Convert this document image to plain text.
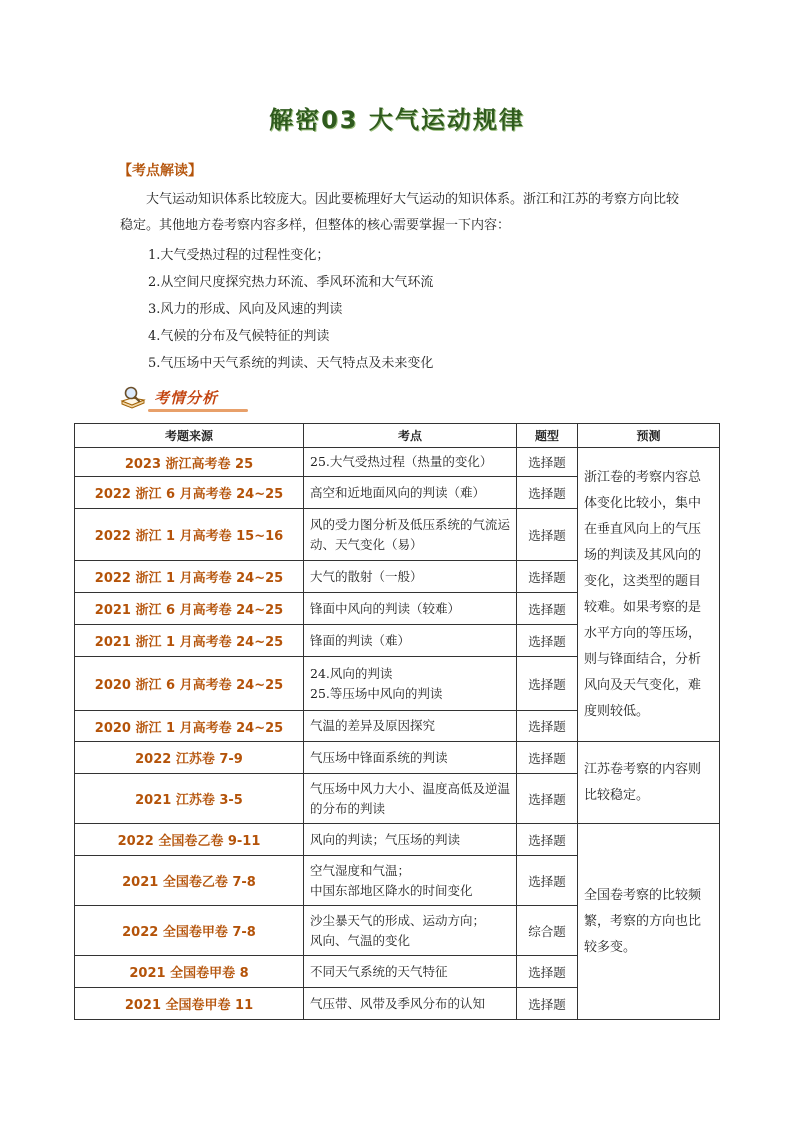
解密03 大气运动规律
【考点解读】

大气运动知识体系比较庞大。因此要梳理好大气运动的知识体系。浙江和江苏的考察方向比较稳定。其他地方卷考察内容多样，但整体的核心需要掌握一下内容：

1.大气受热过程的过程性变化；
2.从空间尺度探究热力环流、季风环流和大气环流
3.风力的形成、风向及风速的判读
4.气候的分布及气候特征的判读
5.气压场中天气系统的判读、天气特点及未来变化
考情分析
考题来源	考点	题型	预测
2023 浙江高考卷 25	25.大气受热过程（热量的变化）	选择题	浙江卷的考察内容总体变化比较小，集中在垂直风向上的气压场的判读及其风向的变化，这类型的题目较难。如果考察的是水平方向的等压场，则与锋面结合，分析风向及天气变化，难度则较低。
2022 浙江 6 月高考卷 24~25	高空和近地面风向的判读（难）	选择题	
2022 浙江 1 月高考卷 15~16	风的受力图分析及低压系统的气流运动、天气变化（易）	选择题	
2022 浙江 1 月高考卷 24~25	大气的散射（一般）	选择题	
2021 浙江 6 月高考卷 24~25	锋面中风向的判读（较难）	选择题	
2021 浙江 1 月高考卷 24~25	锋面的判读（难）	选择题	
2020 浙江 6 月高考卷 24~25	24.风向的判读
25.等压场中风向的判读	选择题	
2020 浙江 1 月高考卷 24~25	气温的差异及原因探究	选择题	
2022 江苏卷 7-9	气压场中锋面系统的判读	选择题	江苏卷考察的内容则比较稳定。
2021 江苏卷 3-5	气压场中风力大小、温度高低及逆温的分布的判读	选择题	
2022 全国卷乙卷 9-11	风向的判读；气压场的判读	选择题	全国卷考察的比较频繁，考察的方向也比较多变。
2021 全国卷乙卷 7-8	空气湿度和气温；
中国东部地区降水的时间变化	选择题	
2022 全国卷甲卷 7-8	沙尘暴天气的形成、运动方向；
风向、气温的变化	综合题	
2021 全国卷甲卷 8	不同天气系统的天气特征	选择题	
2021 全国卷甲卷 11	气压带、风带及季风分布的认知	选择题	
